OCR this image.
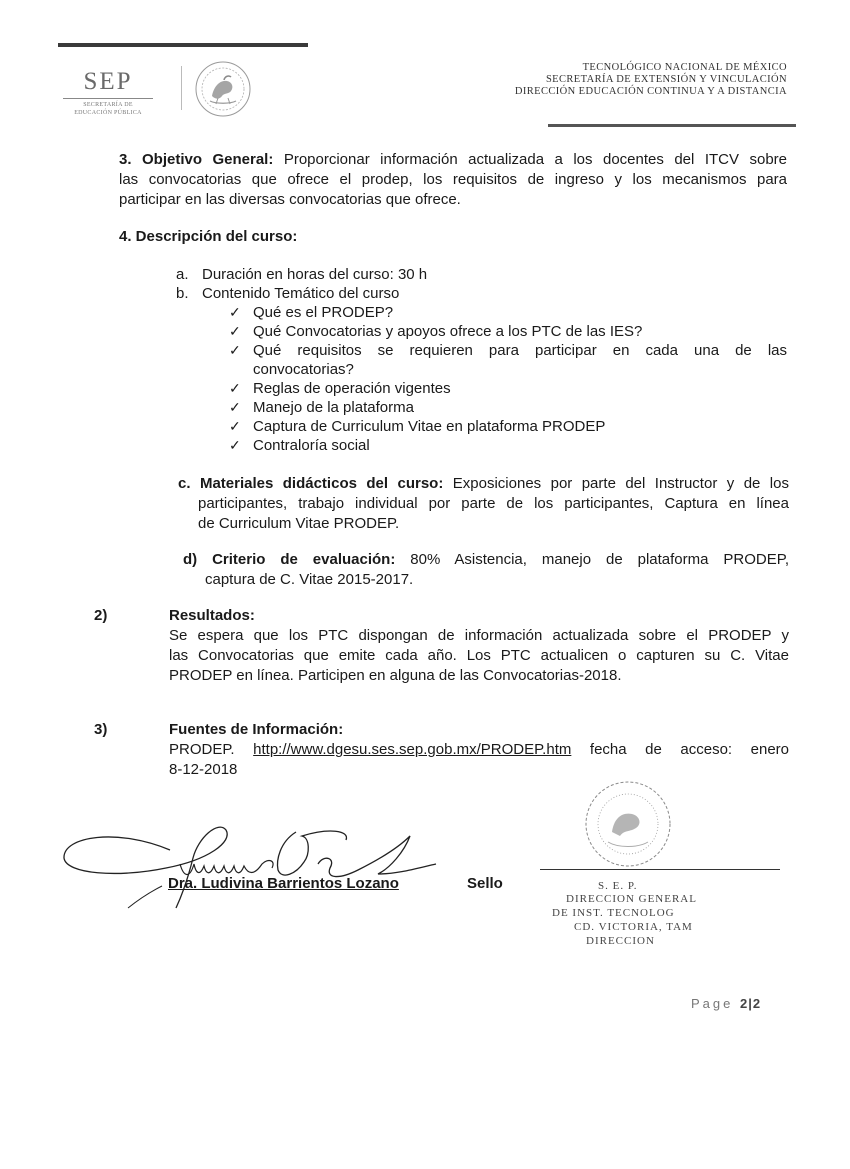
SEP
SECRETARÍA DE
EDUCACIÓN PÚBLICA
TECNOLÓGICO NACIONAL DE MÉXICO
SECRETARÍA DE EXTENSIÓN Y VINCULACIÓN
DIRECCIÓN EDUCACIÓN CONTINUA Y A DISTANCIA
3. Objetivo General: Proporcionar información actualizada a los docentes del ITCV sobre
las convocatorias que ofrece el prodep, los requisitos de ingreso y los mecanismos para
participar en las diversas convocatorias que ofrece.
4. Descripción del curso:
a. Duración en horas del curso: 30 h
b. Contenido Temático del curso
✓ Qué es el PRODEP?
✓ Qué Convocatorias y apoyos ofrece a los PTC de las IES?
✓ Qué requisitos se requieren para participar en cada una de las
convocatorias?
✓ Reglas de operación vigentes
✓ Manejo de la plataforma
✓ Captura de Curriculum Vitae en plataforma PRODEP
✓ Contraloría social
c. Materiales didácticos del curso: Exposiciones por parte del Instructor y de los
participantes, trabajo individual por parte de los participantes, Captura en línea
de Curriculum Vitae PRODEP.
d) Criterio de evaluación: 80% Asistencia, manejo de plataforma PRODEP,
captura de C. Vitae 2015-2017.
2)	Resultados:
Se espera que los PTC dispongan de información actualizada sobre el PRODEP y
las Convocatorias que emite cada año. Los PTC actualicen o capturen su C. Vitae
PRODEP en línea. Participen en alguna de las Convocatorias-2018.
3)	Fuentes de Información:
PRODEP. http://www.dgesu.ses.sep.gob.mx/PRODEP.htm fecha de acceso: enero
8-12-2018
Dra. Ludivina Barrientos Lozano	Sello	S. E. P.
DIRECCION GENERAL
DE INST. TECNOLOG
CD. VICTORIA, TAM
DIRECCION
Page 2|2
